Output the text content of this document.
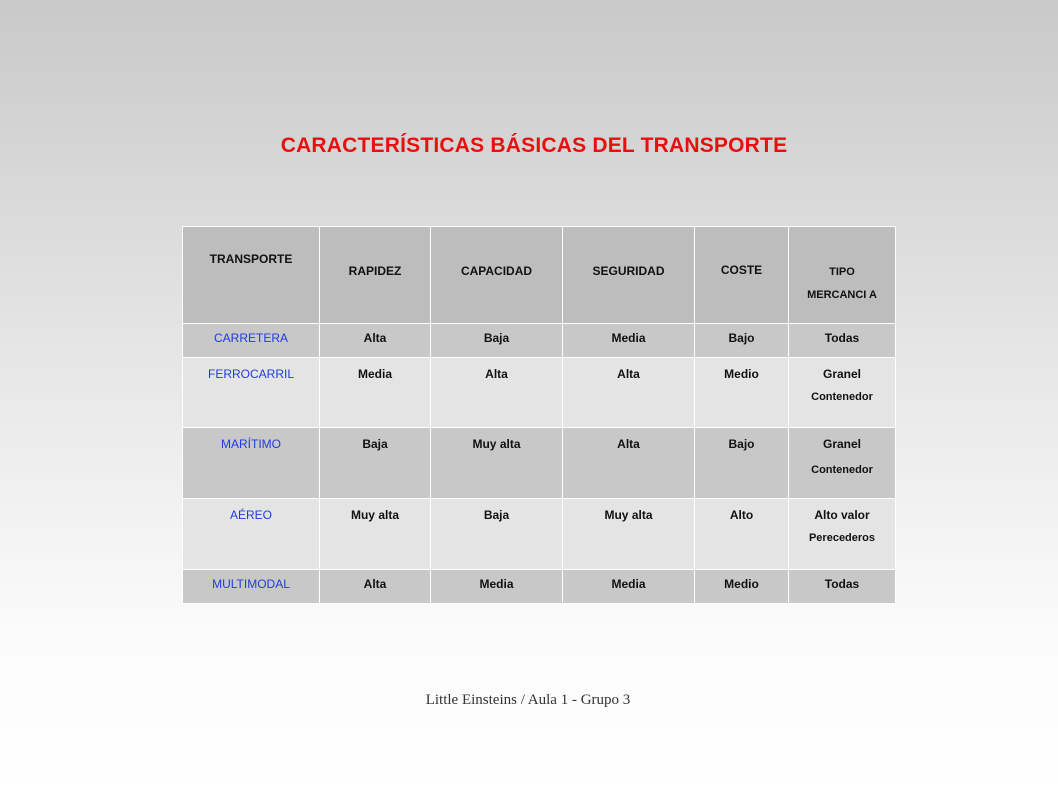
CARACTERÍSTICAS BÁSICAS DEL TRANSPORTE
TRANSPORTE	RAPIDEZ	CAPACIDAD	SEGURIDAD	COSTE	TIPO
MERCANCI A

CARRETERA	Alta	Baja	Media	Bajo	Todas

FERROCARRIL	Media	Alta	Alta	Medio	Granel
Contenedor

MARÍTIMO	Baja	Muy alta	Alta	Bajo	Granel
Contenedor

AÉREO	Muy alta	Baja	Muy alta	Alto	Alto valor
Perecederos

MULTIMODAL	Alta	Media	Media	Medio	Todas
Little Einsteins / Aula 1 - Grupo 3
